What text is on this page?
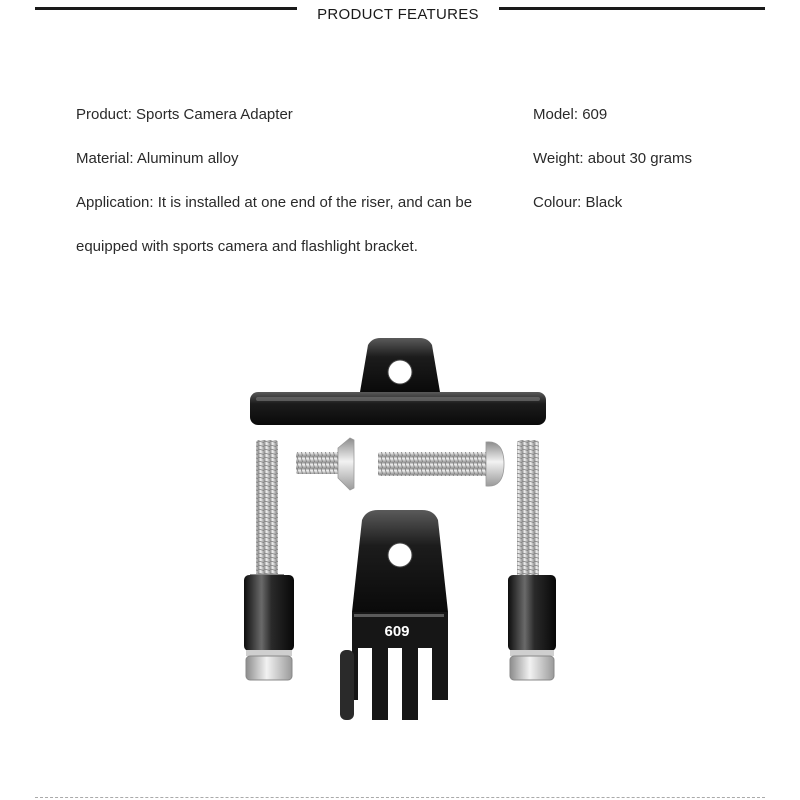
PRODUCT FEATURES
Product: Sports Camera Adapter	Model: 609
Material: Aluminum alloy	Weight: about 30 grams
Application: It is installed at one end of the riser, and can be	Colour: Black
equipped with sports camera and flashlight bracket.
609
